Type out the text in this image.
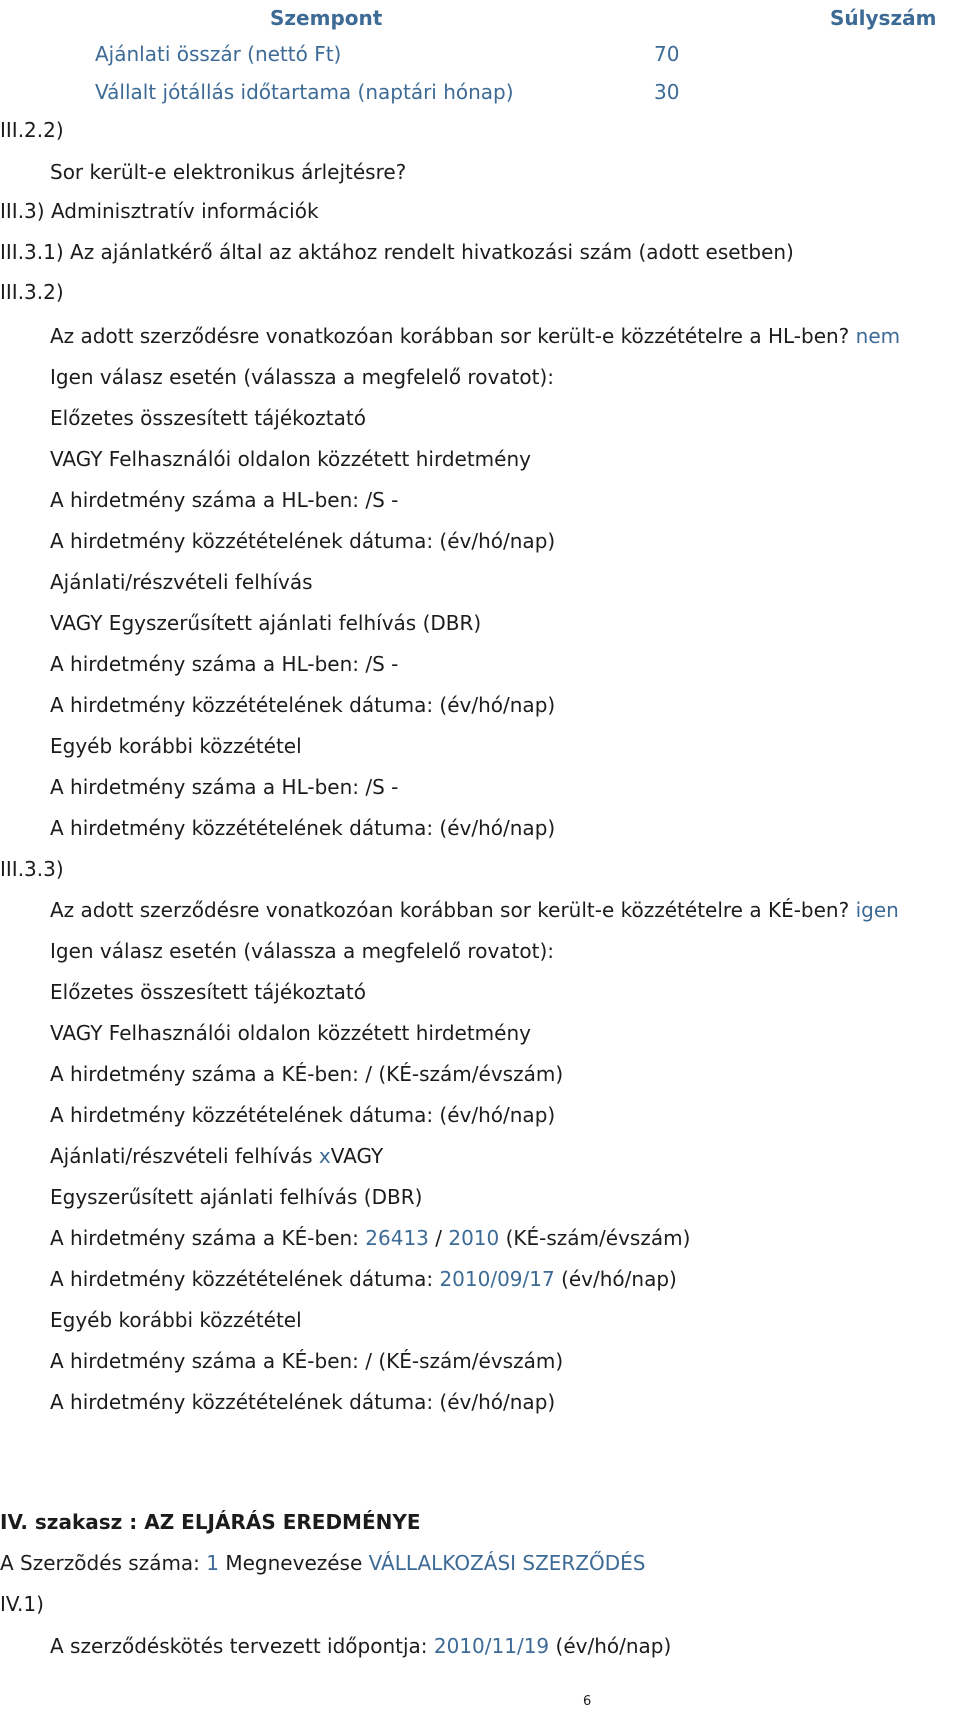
Szempont	Súlyszám
Ajánlati összár (nettó Ft)	70
Vállalt jótállás időtartama (naptári hónap)	30
III.2.2)
Sor került-e elektronikus árlejtésre?
III.3) Adminisztratív információk
III.3.1) Az ajánlatkérő által az aktához rendelt hivatkozási szám (adott esetben)
III.3.2)
Az adott szerződésre vonatkozóan korábban sor került-e közzétételre a HL-ben? nem
Igen válasz esetén (válassza a megfelelő rovatot):
Előzetes összesített tájékoztató
VAGY Felhasználói oldalon közzétett hirdetmény
A hirdetmény száma a HL-ben: /S -
A hirdetmény közzétételének dátuma: (év/hó/nap)
Ajánlati/részvételi felhívás
VAGY Egyszerűsített ajánlati felhívás (DBR)
A hirdetmény száma a HL-ben: /S -
A hirdetmény közzétételének dátuma: (év/hó/nap)
Egyéb korábbi közzététel
A hirdetmény száma a HL-ben: /S -
A hirdetmény közzétételének dátuma: (év/hó/nap)
III.3.3)
Az adott szerződésre vonatkozóan korábban sor került-e közzétételre a KÉ-ben? igen
Igen válasz esetén (válassza a megfelelő rovatot):
Előzetes összesített tájékoztató
VAGY Felhasználói oldalon közzétett hirdetmény
A hirdetmény száma a KÉ-ben: / (KÉ-szám/évszám)
A hirdetmény közzétételének dátuma: (év/hó/nap)
Ajánlati/részvételi felhívás xVAGY
Egyszerűsített ajánlati felhívás (DBR)
A hirdetmény száma a KÉ-ben: 26413 / 2010 (KÉ-szám/évszám)
A hirdetmény közzétételének dátuma: 2010/09/17 (év/hó/nap)
Egyéb korábbi közzététel
A hirdetmény száma a KÉ-ben: / (KÉ-szám/évszám)
A hirdetmény közzétételének dátuma: (év/hó/nap)
IV. szakasz : AZ ELJÁRÁS EREDMÉNYE
A Szerzõdés száma: 1 Megnevezése VÁLLALKOZÁSI SZERZŐDÉS
IV.1)
A szerződéskötés tervezett időpontja: 2010/11/19 (év/hó/nap)
6
